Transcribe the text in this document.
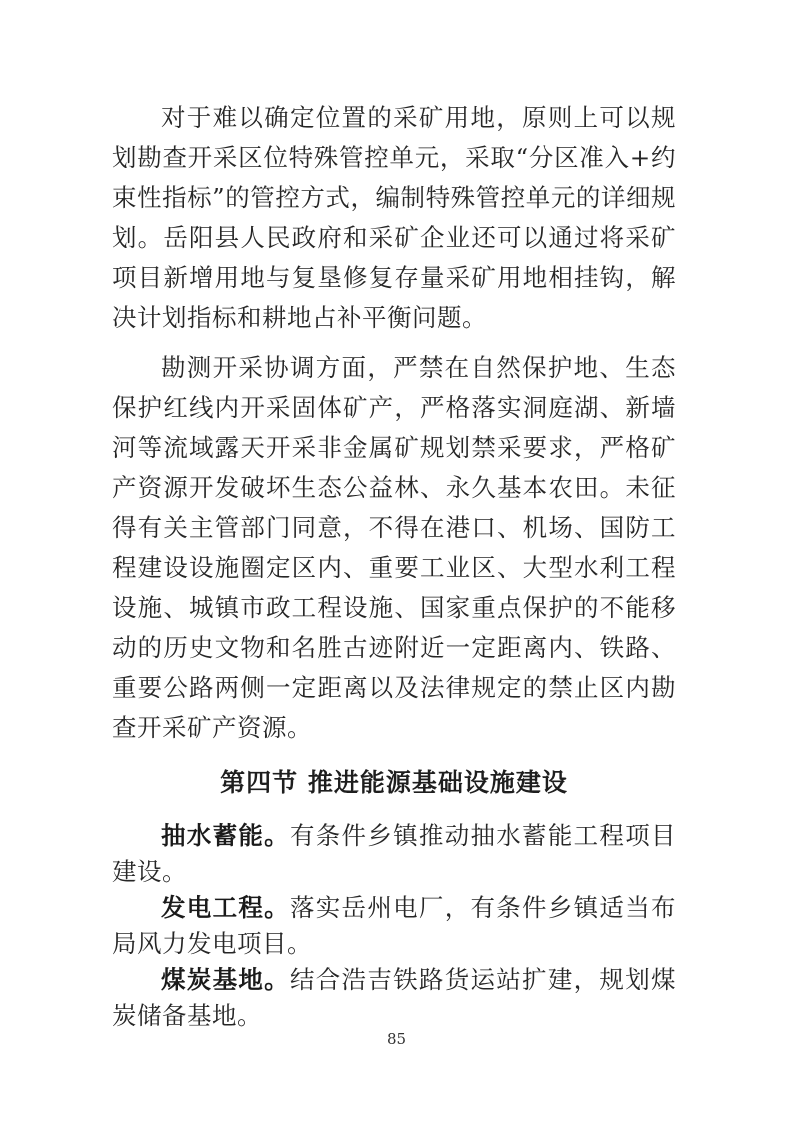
对于难以确定位置的采矿用地，原则上可以规划勘查开采区位特殊管控单元，采取“分区准入+约束性指标”的管控方式，编制特殊管控单元的详细规划。岳阳县人民政府和采矿企业还可以通过将采矿项目新增用地与复垦修复存量采矿用地相挂钩，解决计划指标和耕地占补平衡问题。

勘测开采协调方面，严禁在自然保护地、生态保护红线内开采固体矿产，严格落实洞庭湖、新墙河等流域露天开采非金属矿规划禁采要求，严格矿产资源开发破坏生态公益林、永久基本农田。未征得有关主管部门同意，不得在港口、机场、国防工程建设设施圈定区内、重要工业区、大型水利工程设施、城镇市政工程设施、国家重点保护的不能移动的历史文物和名胜古迹附近一定距离内、铁路、重要公路两侧一定距离以及法律规定的禁止区内勘查开采矿产资源。

第四节 推进能源基础设施建设

抽水蓄能。有条件乡镇推动抽水蓄能工程项目建设。

发电工程。落实岳州电厂，有条件乡镇适当布局风力发电项目。

煤炭基地。结合浩吉铁路货运站扩建，规划煤炭储备基地。

85
